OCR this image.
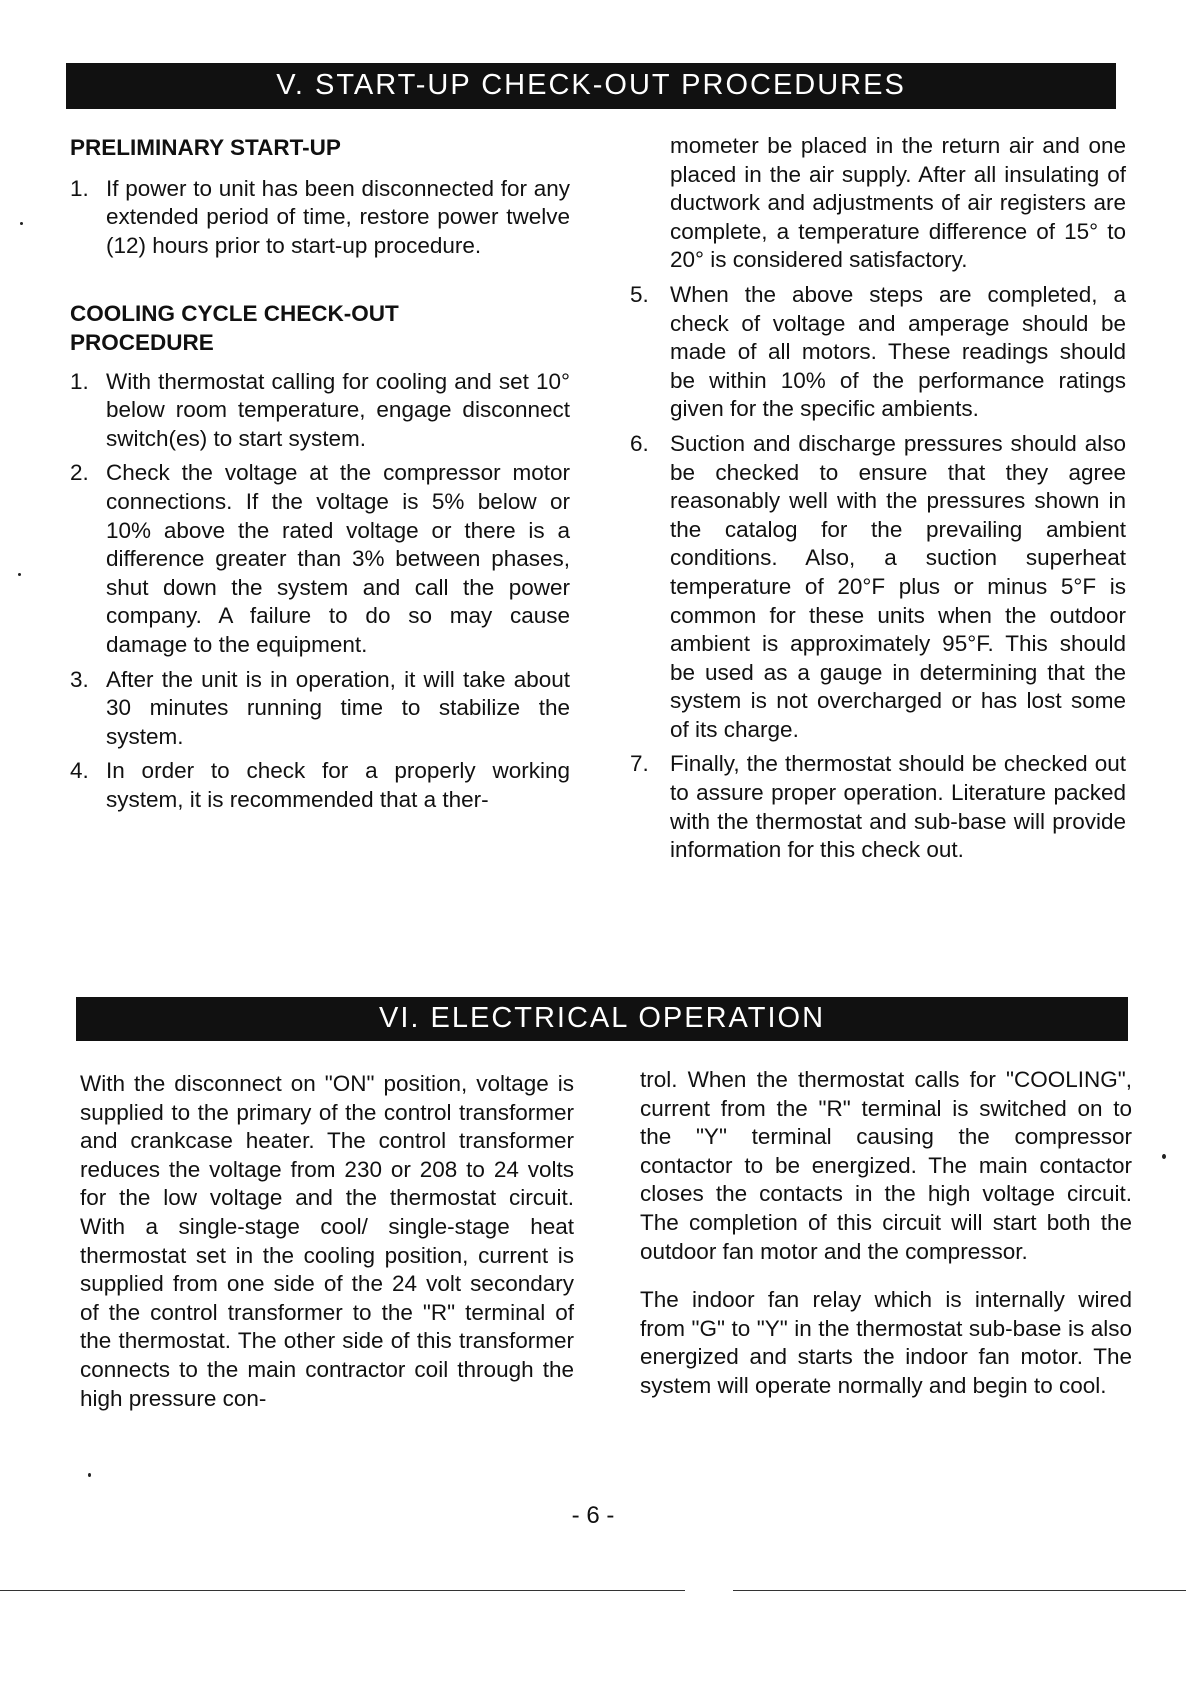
V. START-UP CHECK-OUT PROCEDURES

PRELIMINARY START-UP

1. If power to unit has been disconnected for any extended period of time, restore power twelve (12) hours prior to start-up procedure.

COOLING CYCLE CHECK-OUT
PROCEDURE

1. With thermostat calling for cooling and set 10° below room temperature, engage disconnect switch(es) to start system.
2. Check the voltage at the compressor motor connections. If the voltage is 5% below or 10% above the rated voltage or there is a difference greater than 3% between phases, shut down the system and call the power company. A failure to do so may cause damage to the equipment.
3. After the unit is in operation, it will take about 30 minutes running time to stabilize the system.
4. In order to check for a properly working system, it is recommended that a ther-

mometer be placed in the return air and one placed in the air supply. After all insulating of ductwork and adjustments of air registers are complete, a temperature difference of 15° to 20° is considered satisfactory.

5. When the above steps are completed, a check of voltage and amperage should be made of all motors. These readings should be within 10% of the performance ratings given for the specific ambients.
6. Suction and discharge pressures should also be checked to ensure that they agree reasonably well with the pressures shown in the catalog for the prevailing ambient conditions. Also, a suction superheat temperature of 20°F plus or minus 5°F is common for these units when the outdoor ambient is approximately 95°F. This should be used as a gauge in determining that the system is not overcharged or has lost some of its charge.
7. Finally, the thermostat should be checked out to assure proper operation. Literature packed with the thermostat and sub-base will provide information for this check out.
VI. ELECTRICAL OPERATION

With the disconnect on "ON" position, voltage is supplied to the primary of the control transformer and crankcase heater. The control transformer reduces the voltage from 230 or 208 to 24 volts for the low voltage and the thermostat circuit. With a single-stage cool/ single-stage heat thermostat set in the cooling position, current is supplied from one side of the 24 volt secondary of the control transformer to the "R" terminal of the thermostat. The other side of this transformer connects to the main contractor coil through the high pressure con-

trol. When the thermostat calls for "COOLING", current from the "R" terminal is switched on to the "Y" terminal causing the compressor contactor to be energized. The main contactor closes the contacts in the high voltage circuit. The completion of this circuit will start both the outdoor fan motor and the compressor.

The indoor fan relay which is internally wired from "G" to "Y" in the thermostat sub-base is also energized and starts the indoor fan motor. The system will operate normally and begin to cool.

- 6 -
